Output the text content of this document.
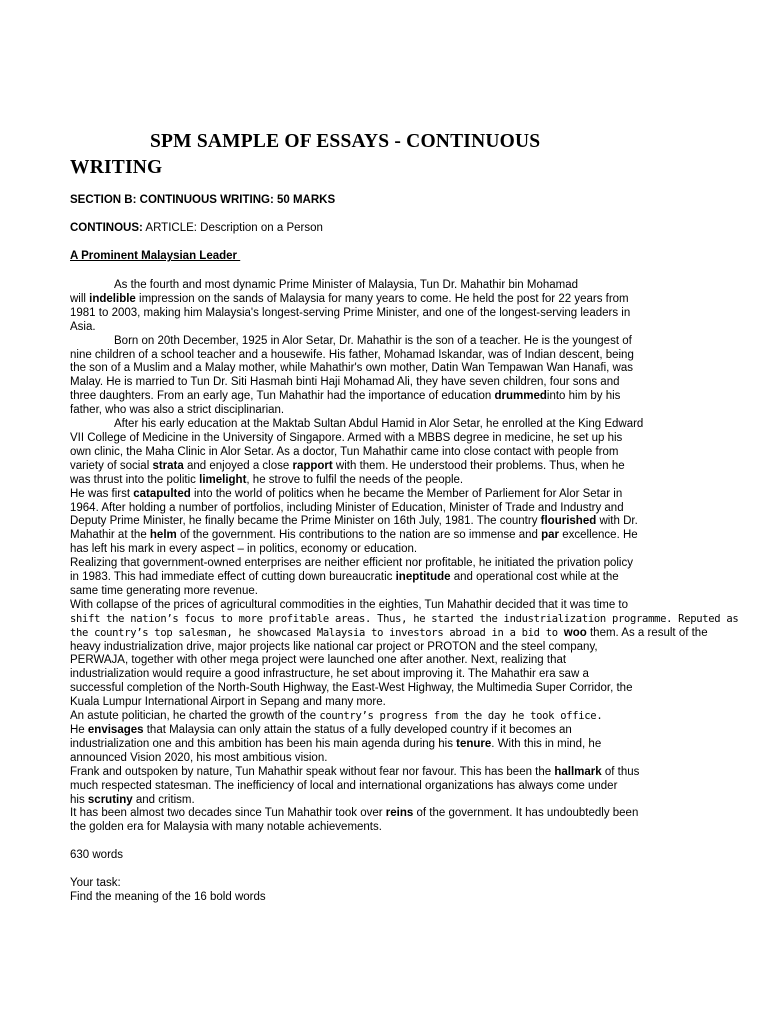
SPM SAMPLE OF ESSAYS - CONTINUOUS
WRITING

SECTION B: CONTINUOUS WRITING: 50 MARKS

CONTINOUS: ARTICLE: Description on a Person

A Prominent Malaysian Leader

As the fourth and most dynamic Prime Minister of Malaysia, Tun Dr. Mahathir bin Mohamad
will indelible impression on the sands of Malaysia for many years to come. He held the post for 22 years from
1981 to 2003, making him Malaysia's longest-serving Prime Minister, and one of the longest-serving leaders in
Asia.
Born on 20th December, 1925 in Alor Setar, Dr. Mahathir is the son of a teacher. He is the youngest of
nine children of a school teacher and a housewife. His father, Mohamad Iskandar, was of Indian descent, being
the son of a Muslim and a Malay mother, while Mahathir's own mother, Datin Wan Tempawan Wan Hanafi, was
Malay. He is married to Tun Dr. Siti Hasmah binti Haji Mohamad Ali, they have seven children, four sons and
three daughters. From an early age, Tun Mahathir had the importance of education drummedinto him by his
father, who was also a strict disciplinarian.
After his early education at the Maktab Sultan Abdul Hamid in Alor Setar, he enrolled at the King Edward
VII College of Medicine in the University of Singapore. Armed with a MBBS degree in medicine, he set up his
own clinic, the Maha Clinic in Alor Setar. As a doctor, Tun Mahathir came into close contact with people from
variety of social strata and enjoyed a close rapport with them. He understood their problems. Thus, when he
was thrust into the politic limelight, he strove to fulfil the needs of the people.
He was first catapulted into the world of politics when he became the Member of Parliement for Alor Setar in
1964. After holding a number of portfolios, including Minister of Education, Minister of Trade and Industry and
Deputy Prime Minister, he finally became the Prime Minister on 16th July, 1981. The country flourished with Dr.
Mahathir at the helm of the government. His contributions to the nation are so immense and par excellence. He
has left his mark in every aspect – in politics, economy or education.
Realizing that government-owned enterprises are neither efficient nor profitable, he initiated the privation policy
in 1983. This had immediate effect of cutting down bureaucratic ineptitude and operational cost while at the
same time generating more revenue.
With collapse of the prices of agricultural commodities in the eighties, Tun Mahathir decided that it was time to
shift the nation’s focus to more profitable areas. Thus, he started the industrialization programme. Reputed as
the country’s top salesman, he showcased Malaysia to investors abroad in a bid to woo them. As a result of the
heavy industrialization drive, major projects like national car project or PROTON and the steel company,
PERWAJA, together with other mega project were launched one after another. Next, realizing that
industrialization would require a good infrastructure, he set about improving it. The Mahathir era saw a
successful completion of the North-South Highway, the East-West Highway, the Multimedia Super Corridor, the
Kuala Lumpur International Airport in Sepang and many more.
An astute politician, he charted the growth of the country’s progress from the day he took office.
He envisages that Malaysia can only attain the status of a fully developed country if it becomes an
industrialization one and this ambition has been his main agenda during his tenure. With this in mind, he
announced Vision 2020, his most ambitious vision.
Frank and outspoken by nature, Tun Mahathir speak without fear nor favour. This has been the hallmark of thus
much respected statesman. The inefficiency of local and international organizations has always come under
his scrutiny and critism.
It has been almost two decades since Tun Mahathir took over reins of the government. It has undoubtedly been
the golden era for Malaysia with many notable achievements.
630 words
Your task:
Find the meaning of the 16 bold words
